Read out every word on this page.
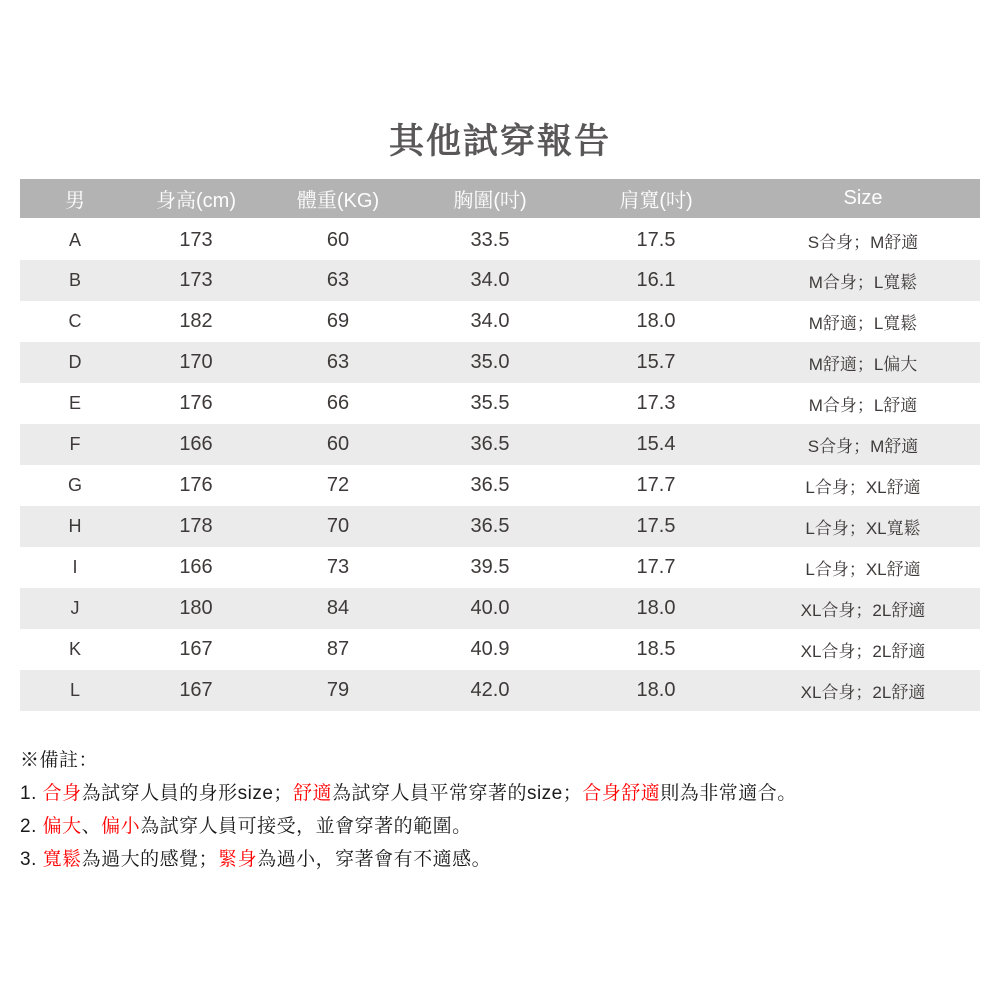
其他試穿報告
男	身高(cm)	體重(KG)	胸圍(吋)	肩寬(吋)	Size
A	173	60	33.5	17.5	S合身；M舒適
B	173	63	34.0	16.1	M合身；L寬鬆
C	182	69	34.0	18.0	M舒適；L寬鬆
D	170	63	35.0	15.7	M舒適；L偏大
E	176	66	35.5	17.3	M合身；L舒適
F	166	60	36.5	15.4	S合身；M舒適
G	176	72	36.5	17.7	L合身；XL舒適
H	178	70	36.5	17.5	L合身；XL寬鬆
I	166	73	39.5	17.7	L合身；XL舒適
J	180	84	40.0	18.0	XL合身；2L舒適
K	167	87	40.9	18.5	XL合身；2L舒適
L	167	79	42.0	18.0	XL合身；2L舒適

※備註：

1. 合身為試穿人員的身形size；舒適為試穿人員平常穿著的size；合身舒適則為非常適合。

2. 偏大、偏小為試穿人員可接受，並會穿著的範圍。

3. 寬鬆為過大的感覺；緊身為過小，穿著會有不適感。
